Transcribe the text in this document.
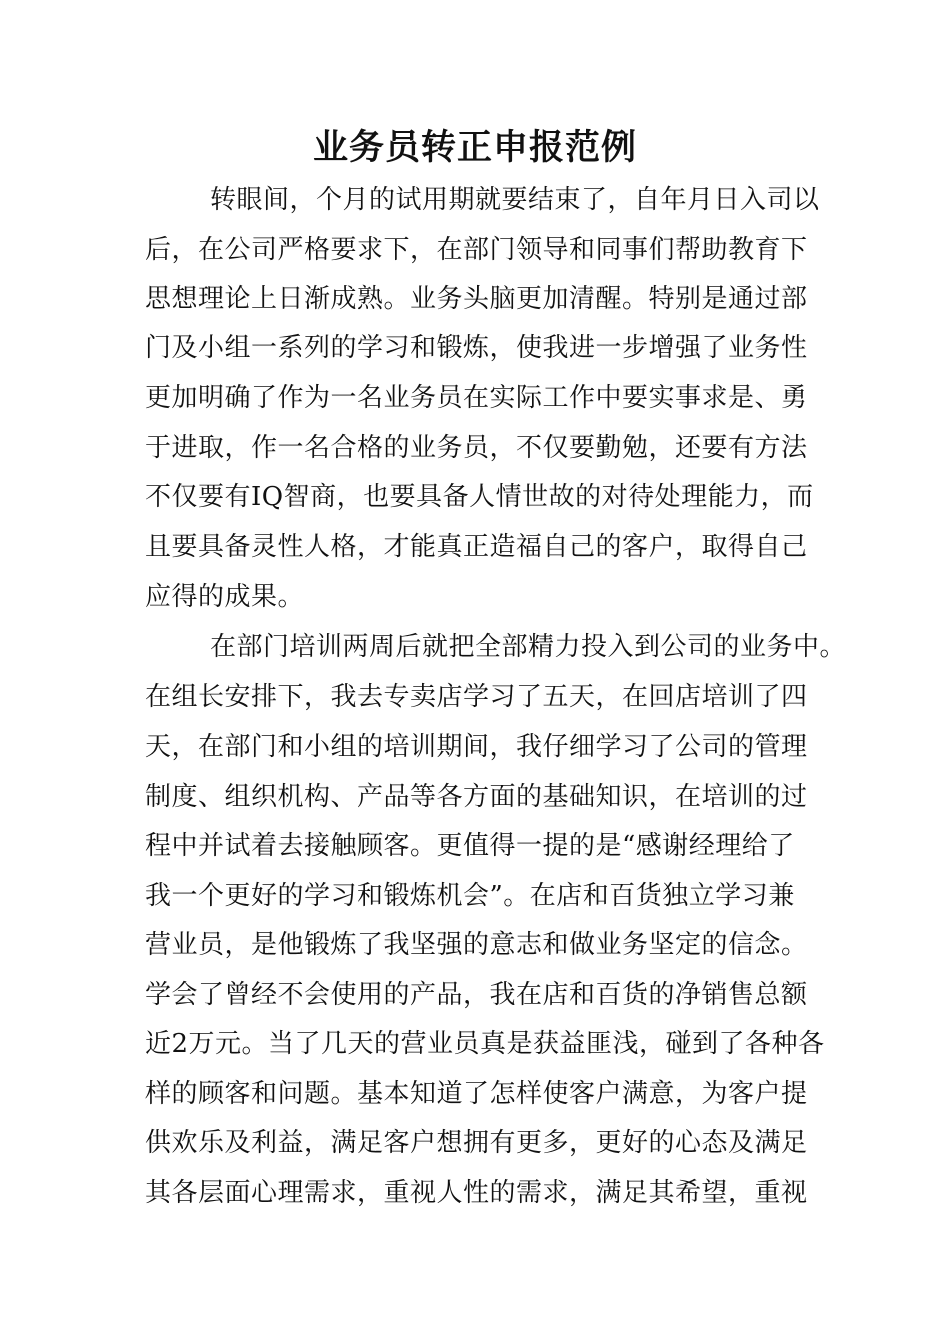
业务员转正申报范例
转眼间，个月的试用期就要结束了，自年月日入司以
后，在公司严格要求下，在部门领导和同事们帮助教育下
思想理论上日渐成熟。业务头脑更加清醒。特别是通过部
门及小组一系列的学习和锻炼，使我进一步增强了业务性
更加明确了作为一名业务员在实际工作中要实事求是、勇
于进取，作一名合格的业务员，不仅要勤勉，还要有方法
不仅要有IQ智商，也要具备人情世故的对待处理能力，而
且要具备灵性人格，才能真正造福自己的客户，取得自己
应得的成果。
在部门培训两周后就把全部精力投入到公司的业务中。
在组长安排下，我去专卖店学习了五天，在回店培训了四
天，在部门和小组的培训期间，我仔细学习了公司的管理
制度、组织机构、产品等各方面的基础知识，在培训的过
程中并试着去接触顾客。更值得一提的是“感谢经理给了
我一个更好的学习和锻炼机会”。在店和百货独立学习兼
营业员，是他锻炼了我坚强的意志和做业务坚定的信念。
学会了曾经不会使用的产品，我在店和百货的净销售总额
近2万元。当了几天的营业员真是获益匪浅，碰到了各种各
样的顾客和问题。基本知道了怎样使客户满意，为客户提
供欢乐及利益，满足客户想拥有更多，更好的心态及满足
其各层面心理需求，重视人性的需求，满足其希望，重视
